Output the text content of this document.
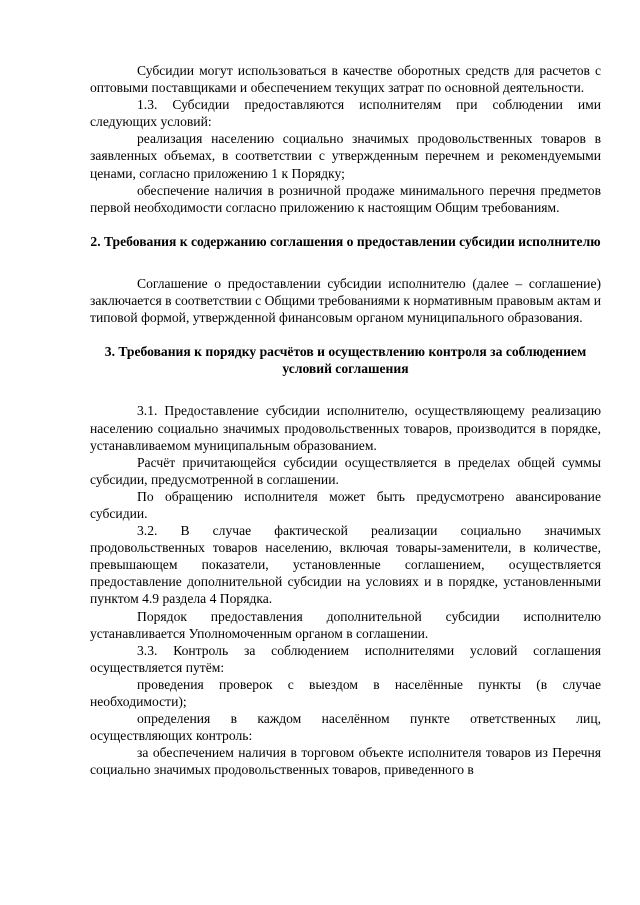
Субсидии могут использоваться в качестве оборотных средств для расчетов с оптовыми поставщиками и обеспечением текущих затрат по основной деятельности.

1.3. Субсидии предоставляются исполнителям при соблюдении ими следующих условий:

реализация населению социально значимых продовольственных товаров в заявленных объемах, в соответствии с утвержденным перечнем и рекомендуемыми ценами, согласно приложению 1 к Порядку;

обеспечение наличия в розничной продаже минимального перечня предметов первой необходимости согласно приложению к настоящим Общим требованиям.

2. Требования к содержанию соглашения о предоставлении субсидии исполнителю

Соглашение о предоставлении субсидии исполнителю (далее – соглашение) заключается в соответствии с Общими требованиями к нормативным правовым актам и типовой формой, утвержденной финансовым органом муниципального образования.

3. Требования к порядку расчётов и осуществлению контроля за соблюдением условий соглашения

3.1. Предоставление субсидии исполнителю, осуществляющему реализацию населению социально значимых продовольственных товаров, производится в порядке, устанавливаемом муниципальным образованием.

Расчёт причитающейся субсидии осуществляется в пределах общей суммы субсидии, предусмотренной в соглашении.

По обращению исполнителя может быть предусмотрено авансирование субсидии.

3.2. В случае фактической реализации социально значимых продовольственных товаров населению, включая товары-заменители, в количестве, превышающем показатели, установленные соглашением, осуществляется предоставление дополнительной субсидии на условиях и в порядке, установленными пунктом 4.9 раздела 4 Порядка.

Порядок предоставления дополнительной субсидии исполнителю устанавливается Уполномоченным органом в соглашении.

3.3. Контроль за соблюдением исполнителями условий соглашения осуществляется путём:

проведения проверок с выездом в населённые пункты (в случае необходимости);

определения в каждом населённом пункте ответственных лиц, осуществляющих контроль:

за обеспечением наличия в торговом объекте исполнителя товаров из Перечня социально значимых продовольственных товаров, приведенного в
